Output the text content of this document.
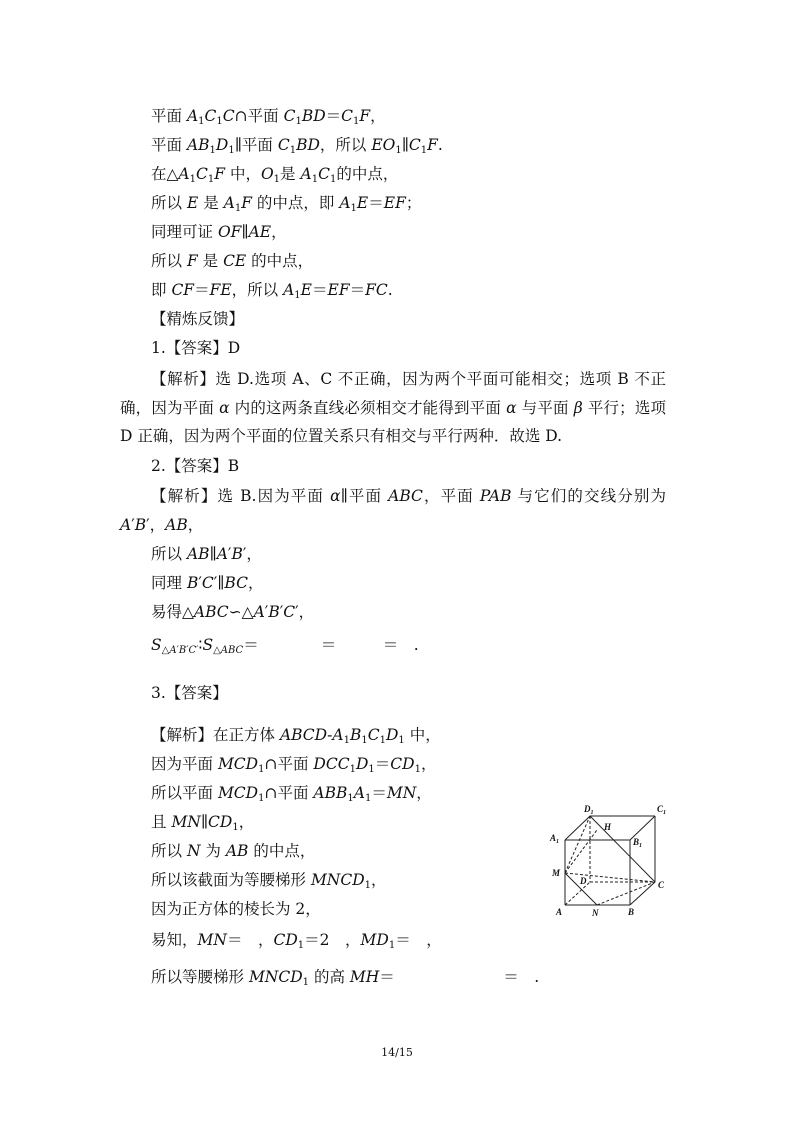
平面 $A_1C_1C\cap$平面 $C_1BD=C_1F$，
平面 $AB_1D_1\parallel$平面 $C_1BD$，所以 $EO_1\parallel C_1F$.
在$\triangle A_1C_1F$ 中，$O_1$是 $A_1C_1$的中点，
所以 E 是 $A_1F$ 的中点，即 $A_1E=EF$；
同理可证 OF∥AE，
所以 F 是 CE 的中点，
即 CF＝FE，所以 $A_1E=EF=FC$.
【精炼反馈】
1.【答案】D
【解析】选 D.选项 A、C 不正确，因为两个平面可能相交；选项 B 不正确，因为平面 α 内的这两条直线必须相交才能得到平面 α 与平面 β 平行；选项 D 正确，因为两个平面的位置关系只有相交与平行两种．故选 D.
2.【答案】B
【解析】选 B.因为平面 α∥平面 ABC，平面 PAB 与它们的交线分别为 A′B′，AB，
所以 AB∥A′B′，
同理 B′C′∥BC，
易得△ABC∽△A′B′C′，
$S_{\triangle A'B'C'}∶S_{\triangle ABC}=$　　　　＝　　　＝　.
3.【答案】
【解析】在正方体 ABCD-$A_1B_1C_1D_1$ 中，
因为平面 $MCD_1\cap$平面 $DCC_1D_1=CD_1$，
所以平面 $MCD_1\cap$平面 $ABB_1A_1=MN$，
且 $MN\parallel CD_1$，
所以 N 为 AB 的中点，
所以该截面为等腰梯形 $MNCD_1$，
因为正方体的棱长为 2，
易知，MN＝　，$CD_1=2$　，$MD_1=$　，
所以等腰梯形 $MNCD_1$ 的高 MH＝　　　　　　　＝　.
$D_1$	$C_1$
$A_1$	$B_1$
H
M
D	C
A	N	B
14/15
